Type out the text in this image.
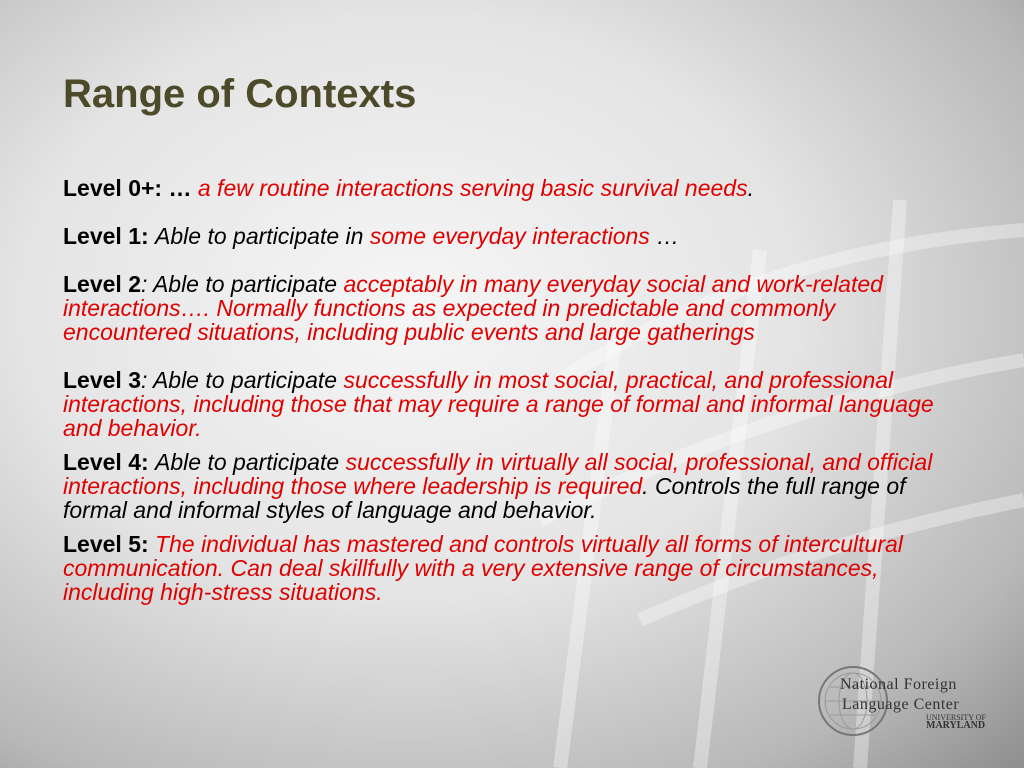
Range of Contexts

Level 0+: … a few routine interactions serving basic survival needs.

Level 1: Able to participate in some everyday interactions …

Level 2: Able to participate acceptably in many everyday social and work-related interactions…. Normally functions as expected in predictable and commonly encountered situations, including public events and large gatherings

Level 3: Able to participate successfully in most social, practical, and professional interactions, including those that may require a range of formal and informal language and behavior.

Level 4: Able to participate successfully in virtually all social, professional, and official interactions, including those where leadership is required. Controls the full range of formal and informal styles of language and behavior.

Level 5: The individual has mastered and controls virtually all forms of intercultural communication. Can deal skillfully with a very extensive range of circumstances, including high-stress situations.

National Foreign
Language Center
UNIVERSITY OF
MARYLAND
